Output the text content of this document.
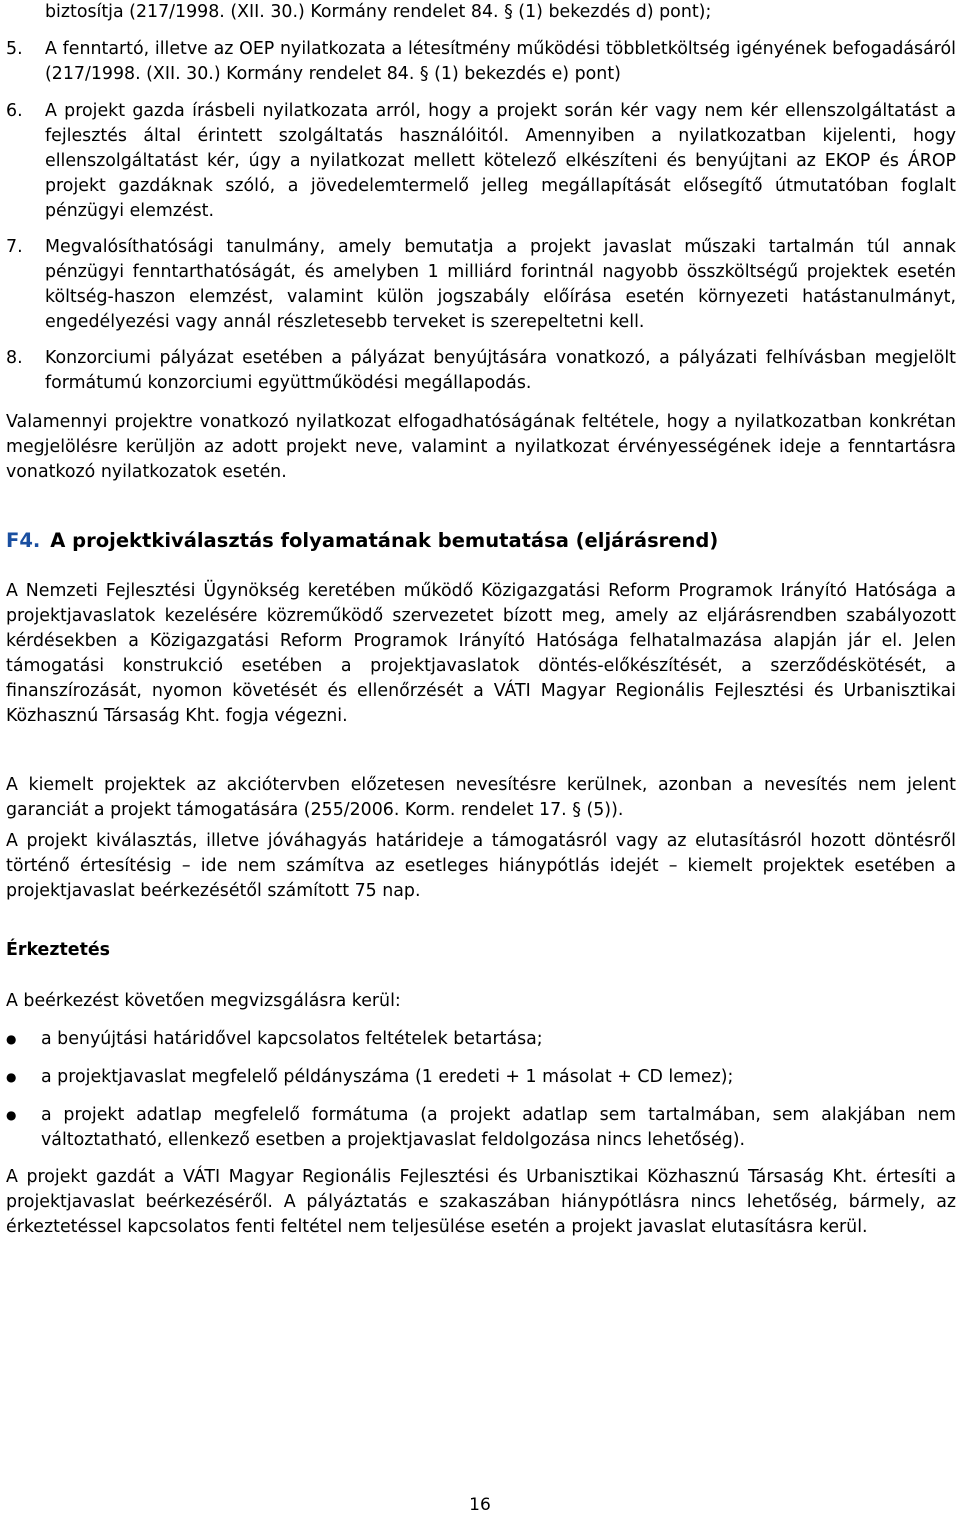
biztosítja (217/1998. (XII. 30.) Kormány rendelet 84. § (1) bekezdés d) pont);
5.	A fenntartó, illetve az OEP nyilatkozata a létesítmény működési többletköltség igényének befogadásáról (217/1998. (XII. 30.) Kormány rendelet 84. § (1) bekezdés e) pont)
6.	A projekt gazda írásbeli nyilatkozata arról, hogy a projekt során kér vagy nem kér ellenszolgáltatást a fejlesztés által érintett szolgáltatás használóitól. Amennyiben a nyilatkozatban kijelenti, hogy ellenszolgáltatást kér, úgy a nyilatkozat mellett kötelező elkészíteni és benyújtani az EKOP és ÁROP projekt gazdáknak szóló, a jövedelemtermelő jelleg megállapítását elősegítő útmutatóban foglalt pénzügyi elemzést.
7.	Megvalósíthatósági tanulmány, amely bemutatja a projekt javaslat műszaki tartalmán túl annak pénzügyi fenntarthatóságát, és amelyben 1 milliárd forintnál nagyobb összköltségű projektek esetén költség-haszon elemzést, valamint külön jogszabály előírása esetén környezeti hatástanulmányt, engedélyezési vagy annál részletesebb terveket is szerepeltetni kell.
8.	Konzorciumi pályázat esetében a pályázat benyújtására vonatkozó, a pályázati felhívásban megjelölt formátumú konzorciumi együttműködési megállapodás.

Valamennyi projektre vonatkozó nyilatkozat elfogadhatóságának feltétele, hogy a nyilatkozatban konkrétan megjelölésre kerüljön az adott projekt neve, valamint a nyilatkozat érvényességének ideje a fenntartásra vonatkozó nyilatkozatok esetén.

F4. A projektkiválasztás folyamatának bemutatása (eljárásrend)

A Nemzeti Fejlesztési Ügynökség keretében működő Közigazgatási Reform Programok Irányító Hatósága a projektjavaslatok kezelésére közreműködő szervezetet bízott meg, amely az eljárásrendben szabályozott kérdésekben a Közigazgatási Reform Programok Irányító Hatósága felhatalmazása alapján jár el. Jelen támogatási konstrukció esetében a projektjavaslatok döntés-előkészítését, a szerződéskötését, a finanszírozását, nyomon követését és ellenőrzését a VÁTI Magyar Regionális Fejlesztési és Urbanisztikai Közhasznú Társaság Kht. fogja végezni.

A kiemelt projektek az akciótervben előzetesen nevesítésre kerülnek, azonban a nevesítés nem jelent garanciát a projekt támogatására (255/2006. Korm. rendelet 17. § (5)).

A projekt kiválasztás, illetve jóváhagyás határideje a támogatásról vagy az elutasításról hozott döntésről történő értesítésig – ide nem számítva az esetleges hiánypótlás idejét – kiemelt projektek esetében a projektjavaslat beérkezésétől számított 75 nap.

Érkeztetés

A beérkezést követően megvizsgálásra kerül:

●	a benyújtási határidővel kapcsolatos feltételek betartása;
●	a projektjavaslat megfelelő példányszáma (1 eredeti + 1 másolat + CD lemez);
●	a projekt adatlap megfelelő formátuma (a projekt adatlap sem tartalmában, sem alakjában nem változtatható, ellenkező esetben a projektjavaslat feldolgozása nincs lehetőség).

A projekt gazdát a VÁTI Magyar Regionális Fejlesztési és Urbanisztikai Közhasznú Társaság Kht. értesíti a projektjavaslat beérkezéséről. A pályáztatás e szakaszában hiánypótlásra nincs lehetőség, bármely, az érkeztetéssel kapcsolatos fenti feltétel nem teljesülése esetén a projekt javaslat elutasításra kerül.

16
